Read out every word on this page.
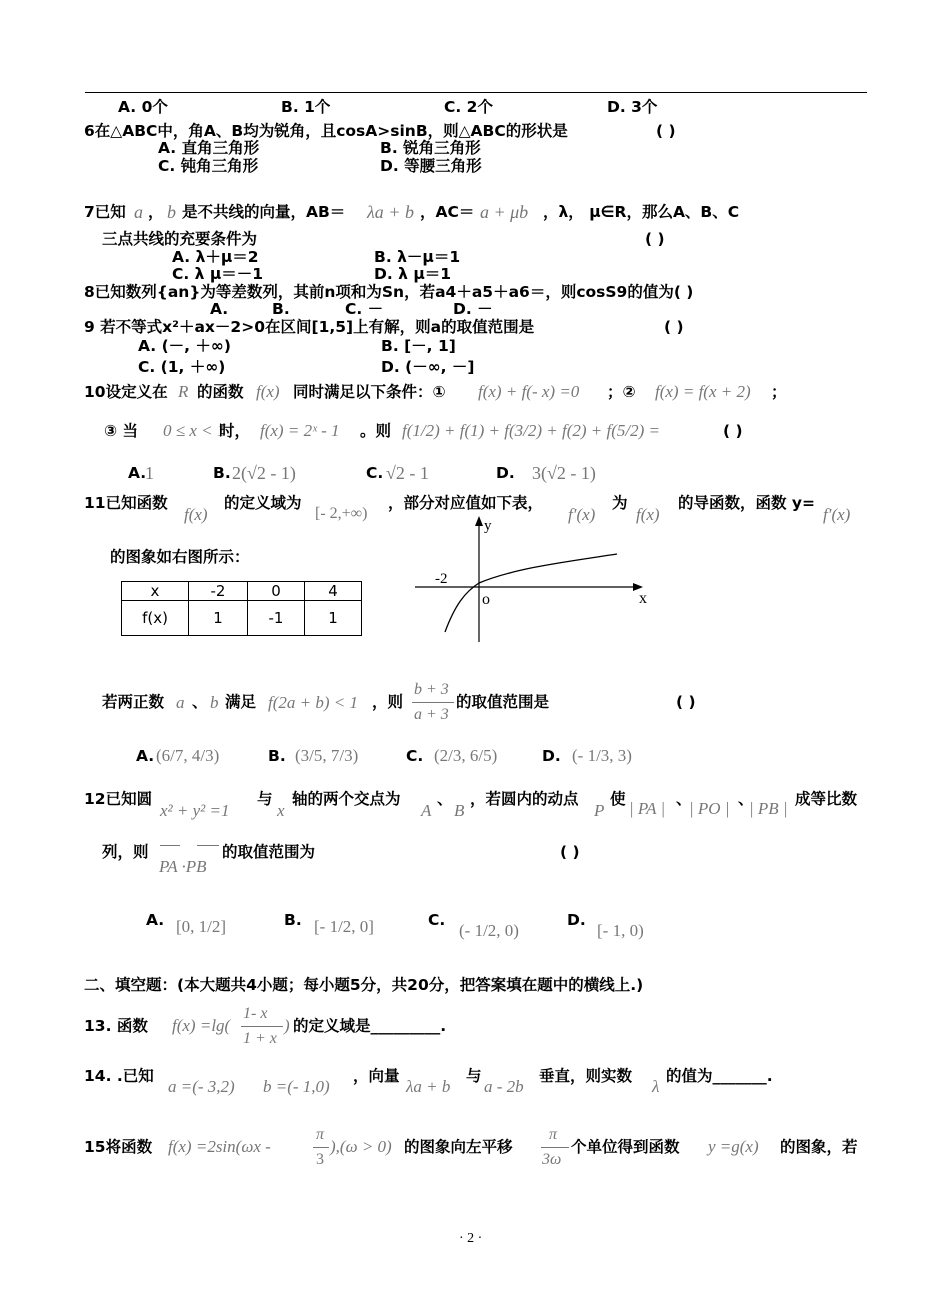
A. 0个	B. 1个	C. 2个	D. 3个
6在△ABC中，角A、B均为锐角，且cosA>sinB，则△ABC的形状是	( )
A. 直角三角形	B. 锐角三角形
C. 钝角三角形	D. 等腰三角形
7已知 a ， b 是不共线的向量，AB＝ λa + b ，AC＝ a + μb ，λ， μ∈R，那么A、B、C
三点共线的充要条件为	( )
A. λ＋μ＝2	B. λ－μ＝1
C. λ μ＝－1	D. λ μ＝1
8已知数列{an}为等差数列，其前n项和为Sn，若a4＋a5＋a6＝，则cosS9的值为( )
A.	B.	C. －	D. －
9 若不等式x²＋ax－2>0在区间[1,5]上有解，则a的取值范围是	( )
A. (－, ＋∞)	B. [－, 1]
C. (1, ＋∞)	D. (－∞, －]
10设定义在 R 的函数 f(x) 同时满足以下条件：① f(x) + f(- x) =0 ；② f(x) = f(x + 2) ；
③ 当 0 ≤ x < 1
时， f(x) = 2ˣ - 1 。则 f(1/2) + f(1) + f(3/2) + f(2) + f(5/2) =	( )
A.
1	B. 2(√2 - 1)	C. √2 - 1	D. 3(√2 - 1)
11已知函数
f(x)
的定义域为
[- 2,+∞)
，部分对应值如下表，
f′(x)
为
f(x)
的导函数，函数 y=
f′(x)
的图象如右图所示：
x	-2	0	4
f(x)	1	-1	1
y
x
o
-2
若两正数 a 、 b 满足 f(2a + b) < 1 ，则
b + 3
a + 3
的取值范围是	( )
A. (6/7, 4/3)	B. (3/5, 7/3)	C. (2/3, 6/5)	D. (- 1/3, 3)
12已知圆
x² + y² =1
与
x
轴的两个交点为
A
、
B
，若圆内的动点
P
使 | PA | 、
| PO | 、
| PB | 成等比数
列，则
PA ·PB
的取值范围为	( )
A. [0, 1/2]	B. [- 1/2, 0]	C.
(- 1/2, 0)
D.
[- 1, 0)
二、填空题：(本大题共4小题；每小题5分，共20分，把答案填在题中的横线上.)
13. 函数 f(x) =lg(
1- x
1 + x
) 的定义域是_________.
14. .已知
a =(- 3,2) b =(- 1,0)
，向量
λa + b
与
a - 2b
垂直，则实数
λ
的值为_______.
15将函数 f(x) =2sin(ωx -
π
3
),(ω > 0) 的图象向左平移
π
3ω
个单位得到函数 y =g(x) 的图象，若
· 2 ·
